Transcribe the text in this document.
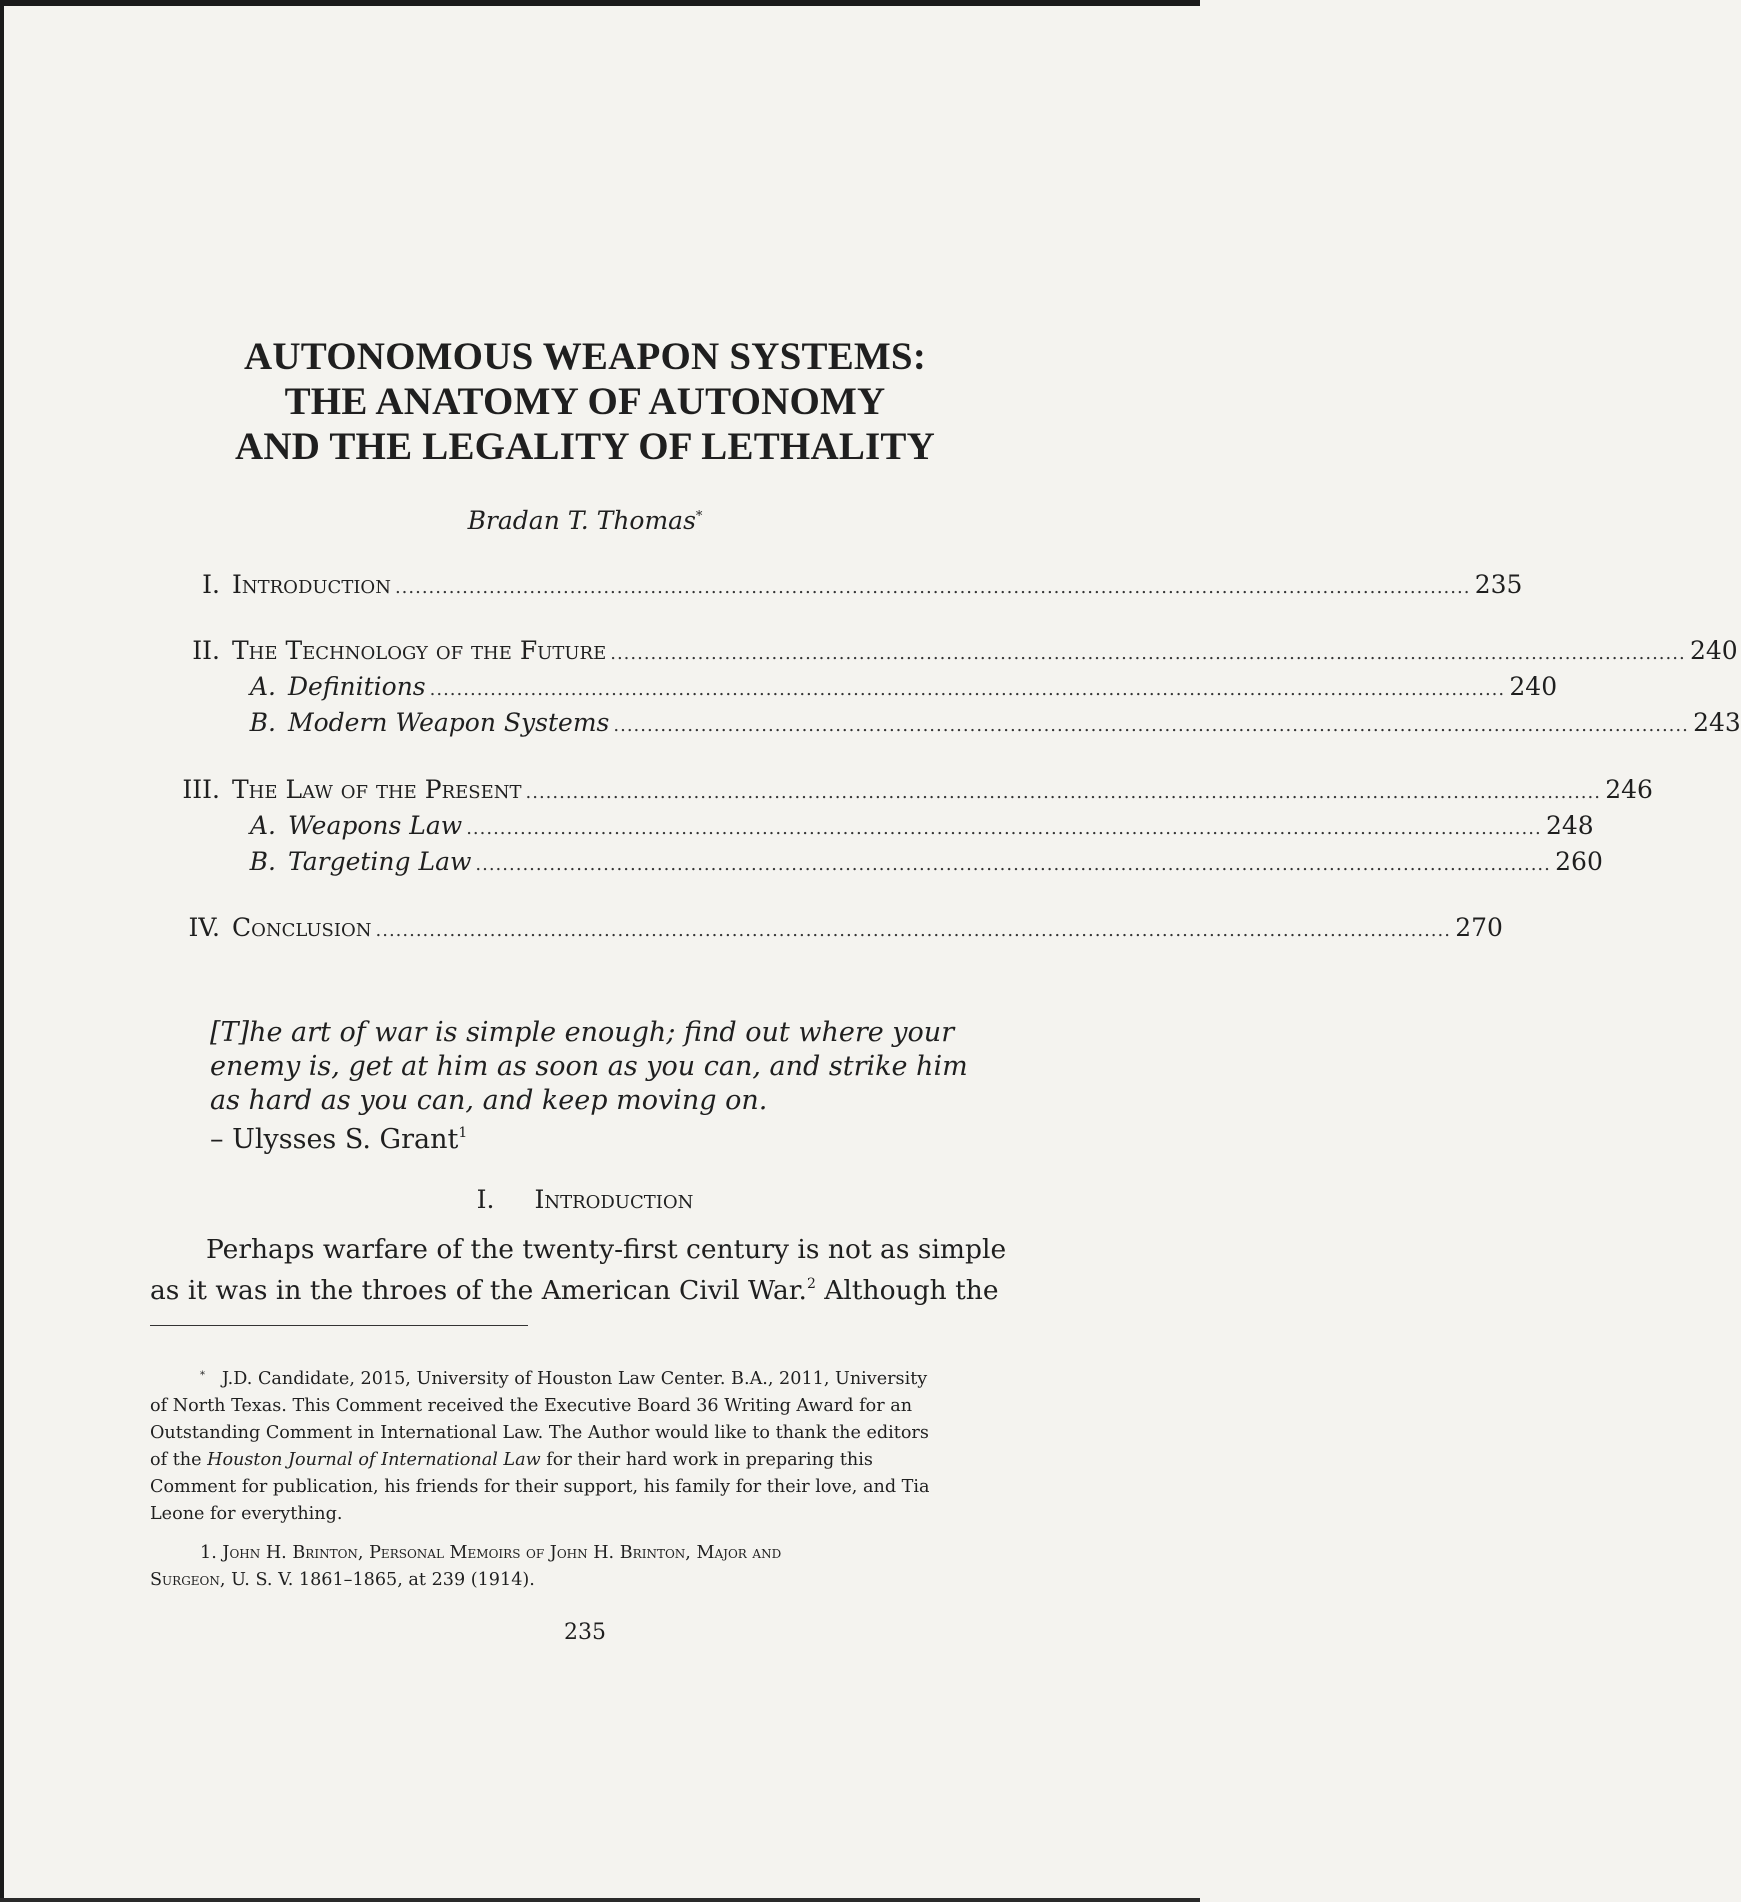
AUTONOMOUS WEAPON SYSTEMS:
THE ANATOMY OF AUTONOMY
AND THE LEGALITY OF LETHALITY
Bradan T. Thomas*
I. Introduction ................................................................................................................................................................ 235
II. The Technology of the Future ................................................................................................................................................................ 240
A. Definitions ................................................................................................................................................................ 240
B. Modern Weapon Systems ................................................................................................................................................................ 243
III. The Law of the Present ................................................................................................................................................................ 246
A. Weapons Law ................................................................................................................................................................ 248
B. Targeting Law ................................................................................................................................................................ 260
IV. Conclusion ................................................................................................................................................................ 270
[T]he art of war is simple enough; find out where your
enemy is, get at him as soon as you can, and strike him
as hard as you can, and keep moving on.
– Ulysses S. Grant$^1$
I. Introduction
Perhaps warfare of the twenty-first century is not as simple
as it was in the throes of the American Civil War.$^2$ Although the
* J.D. Candidate, 2015, University of Houston Law Center. B.A., 2011, University
of North Texas. This Comment received the Executive Board 36 Writing Award for an
Outstanding Comment in International Law. The Author would like to thank the editors
of the Houston Journal of International Law for their hard work in preparing this
Comment for publication, his friends for their support, his family for their love, and Tia
Leone for everything.
1. John H. Brinton, Personal Memoirs of John H. Brinton, Major and
Surgeon, U. S. V. 1861–1865, at 239 (1914).
235
